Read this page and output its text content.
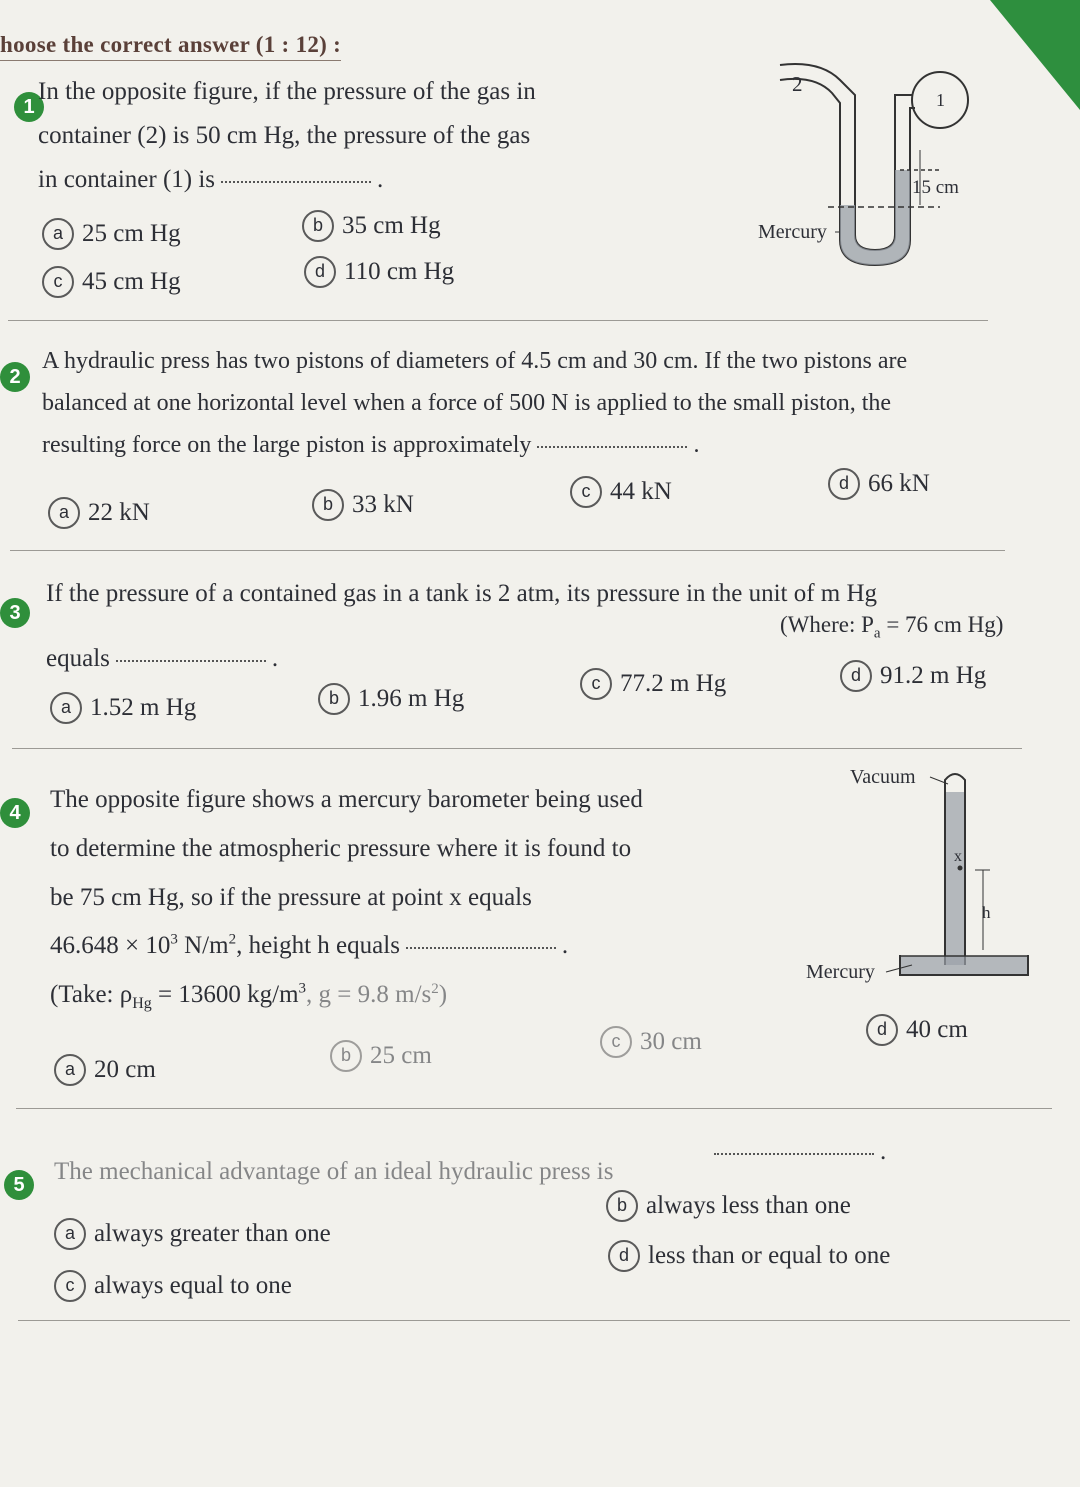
hoose the correct answer (1 : 12) :
1
In the opposite figure, if the pressure of the gas in
container (2) is 50 cm Hg, the pressure of the gas
in container (1) is	.
a 25 cm Hg	b 35 cm Hg
c 45 cm Hg	d 110 cm Hg
2
1
15 cm
Mercury
2
A hydraulic press has two pistons of diameters of 4.5 cm and 30 cm. If the two pistons are
balanced at one horizontal level when a force of 500 N is applied to the small piston, the
resulting force on the large piston is approximately	.
a 22 kN	b 33 kN	c 44 kN	d 66 kN
3
If the pressure of a contained gas in a tank is 2 atm, its pressure in the unit of m Hg
(Where: $P_a = 76$ cm Hg)
equals	.
a 1.52 m Hg	b 1.96 m Hg
c 77.2 m Hg	d 91.2 m Hg
4	The opposite figure shows a mercury barometer being used
to determine the atmospheric pressure where it is found to
be 75 cm Hg, so if the pressure at point x equals
$46.648 \times 10^3$ $N/m^2$, height h equals	.
(Take: $\rho_{Hg} = 13600$ $kg/m^3$, g = 9.8 $m/s^2$)
a 20 cm
b 25 cm
c 30 cm	d 40 cm
Vacuum
x
h
Mercury
5	The mechanical advantage of an ideal hydraulic press is
.
a always greater than one
b always less than one
c always equal to one
d less than or equal to one
